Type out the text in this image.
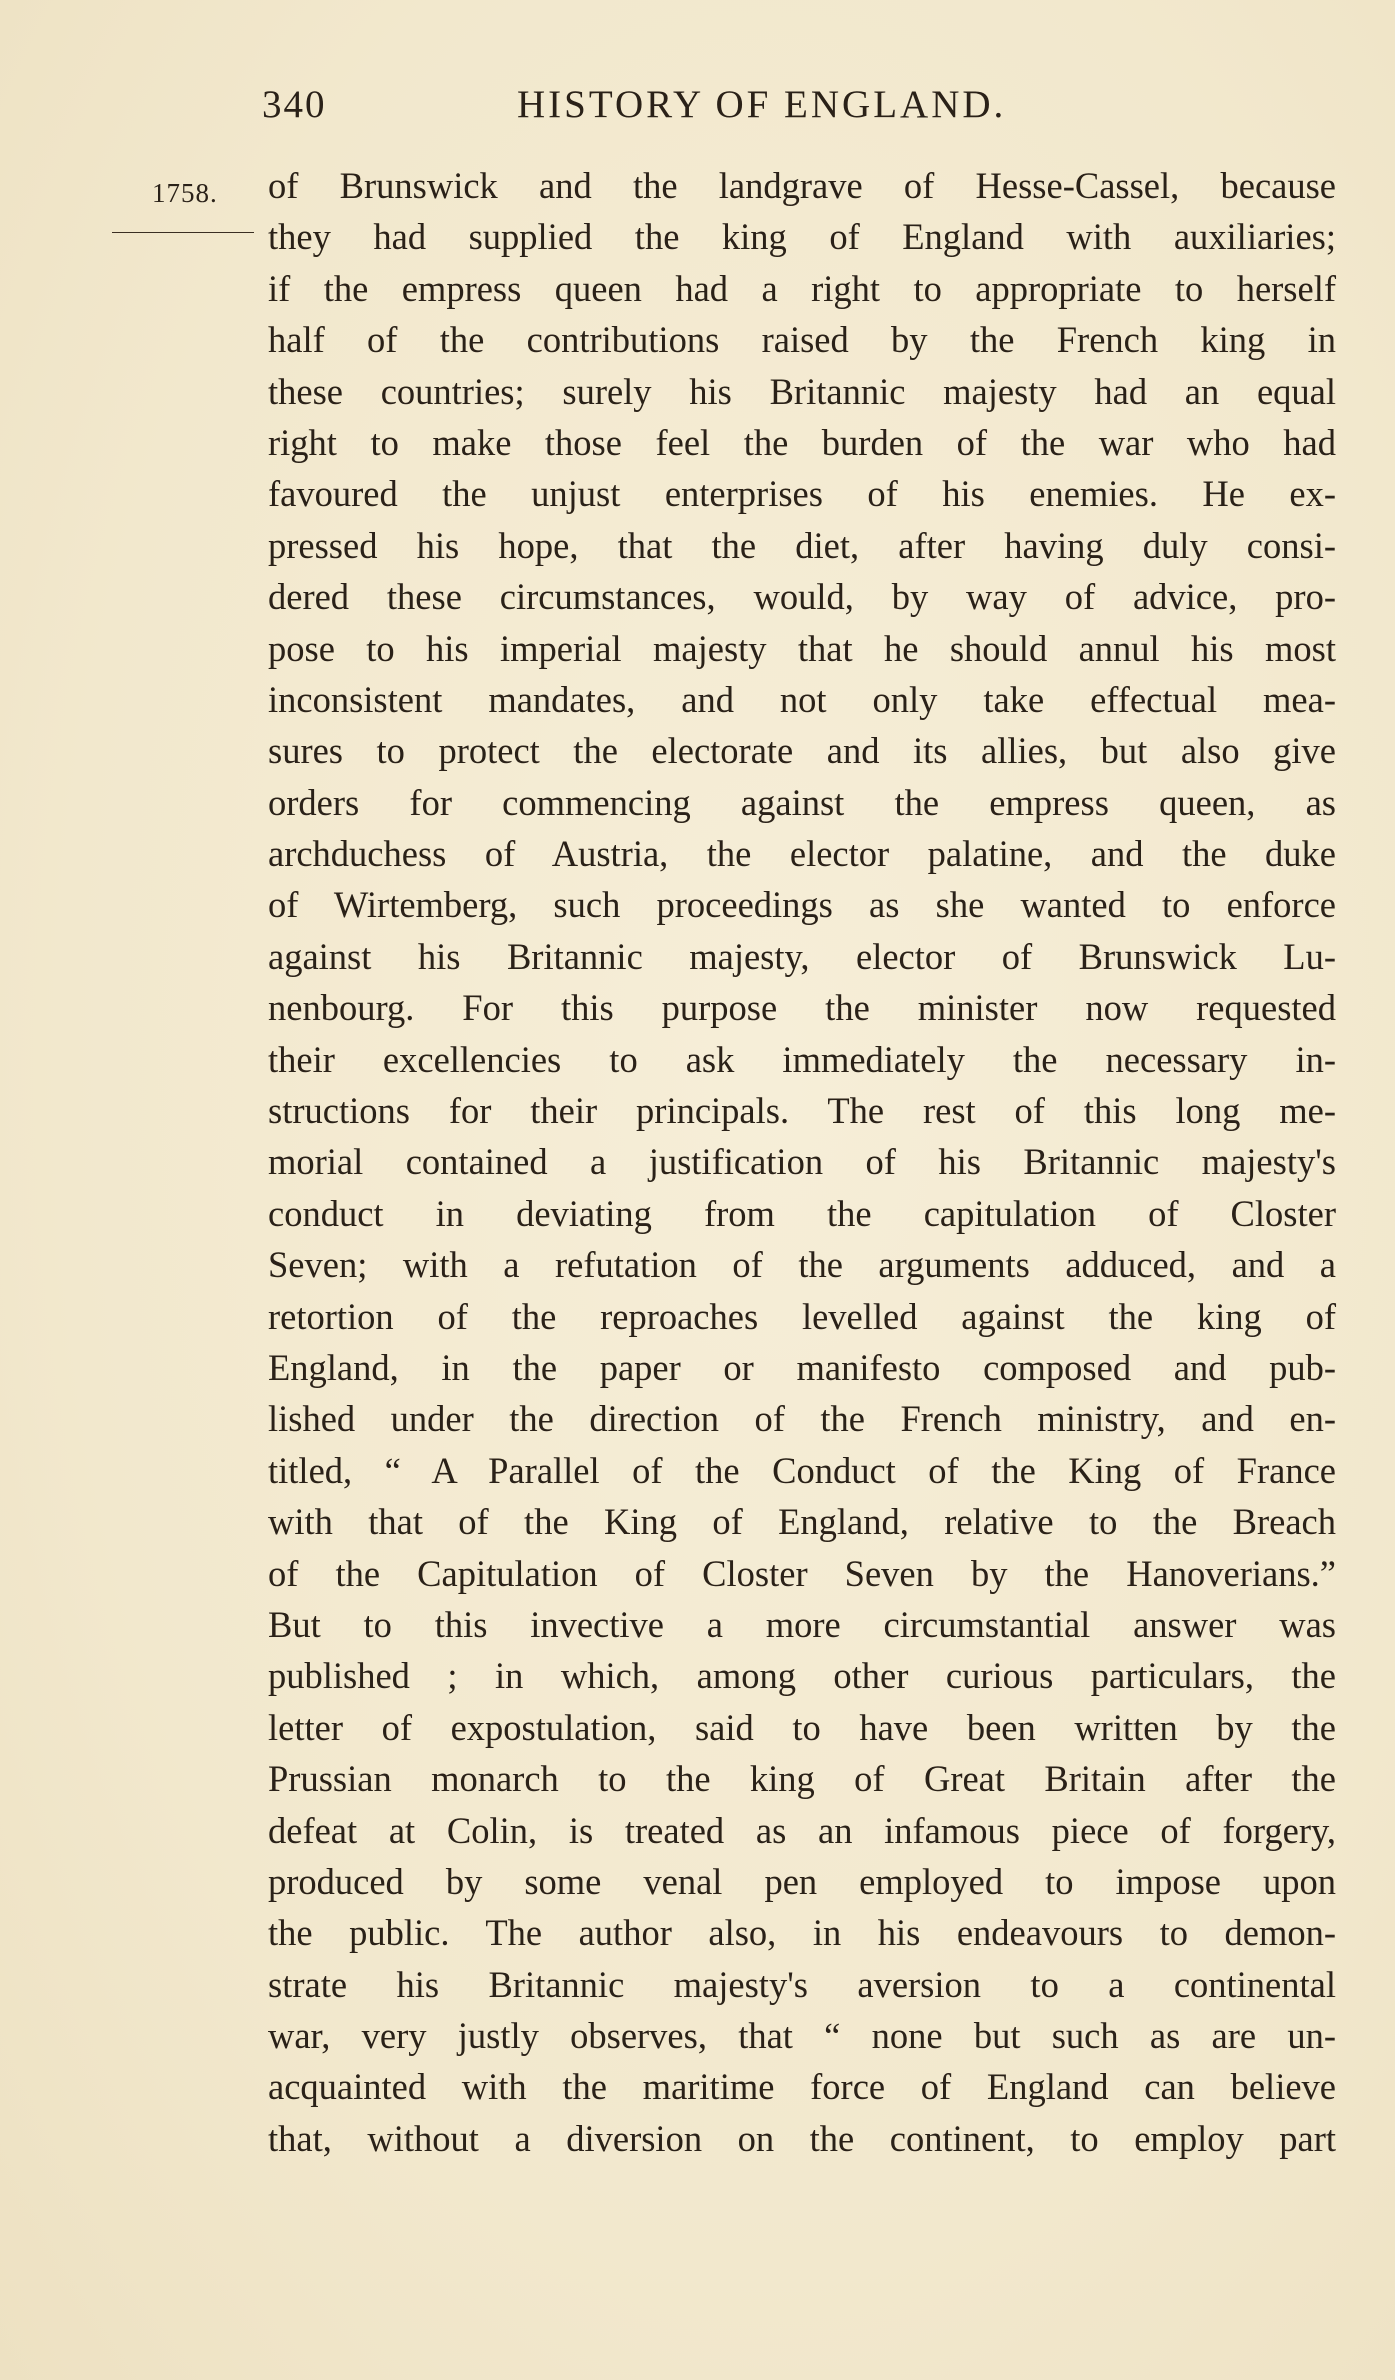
340	HISTORY OF ENGLAND.
1758. of Brunswick and the landgrave of Hesse-Cassel, because
they had supplied the king of England with auxiliaries;
if the empress queen had a right to appropriate to herself
half of the contributions raised by the French king in
these countries; surely his Britannic majesty had an equal
right to make those feel the burden of the war who had
favoured the unjust enterprises of his enemies. He ex-
pressed his hope, that the diet, after having duly consi-
dered these circumstances, would, by way of advice, pro-
pose to his imperial majesty that he should annul his most
inconsistent mandates, and not only take effectual mea-
sures to protect the electorate and its allies, but also give
orders for commencing against the empress queen, as
archduchess of Austria, the elector palatine, and the duke
of Wirtemberg, such proceedings as she wanted to enforce
against his Britannic majesty, elector of Brunswick Lu-
nenbourg. For this purpose the minister now requested
their excellencies to ask immediately the necessary in-
structions for their principals. The rest of this long me-
morial contained a justification of his Britannic majesty's
conduct in deviating from the capitulation of Closter
Seven; with a refutation of the arguments adduced, and a
retortion of the reproaches levelled against the king of
England, in the paper or manifesto composed and pub-
lished under the direction of the French ministry, and en-
titled, “ A Parallel of the Conduct of the King of France
with that of the King of England, relative to the Breach
of the Capitulation of Closter Seven by the Hanoverians.”
But to this invective a more circumstantial answer was
published ; in which, among other curious particulars, the
letter of expostulation, said to have been written by the
Prussian monarch to the king of Great Britain after the
defeat at Colin, is treated as an infamous piece of forgery,
produced by some venal pen employed to impose upon
the public. The author also, in his endeavours to demon-
strate his Britannic majesty's aversion to a continental
war, very justly observes, that “ none but such as are un-
acquainted with the maritime force of England can believe
that, without a diversion on the continent, to employ part
